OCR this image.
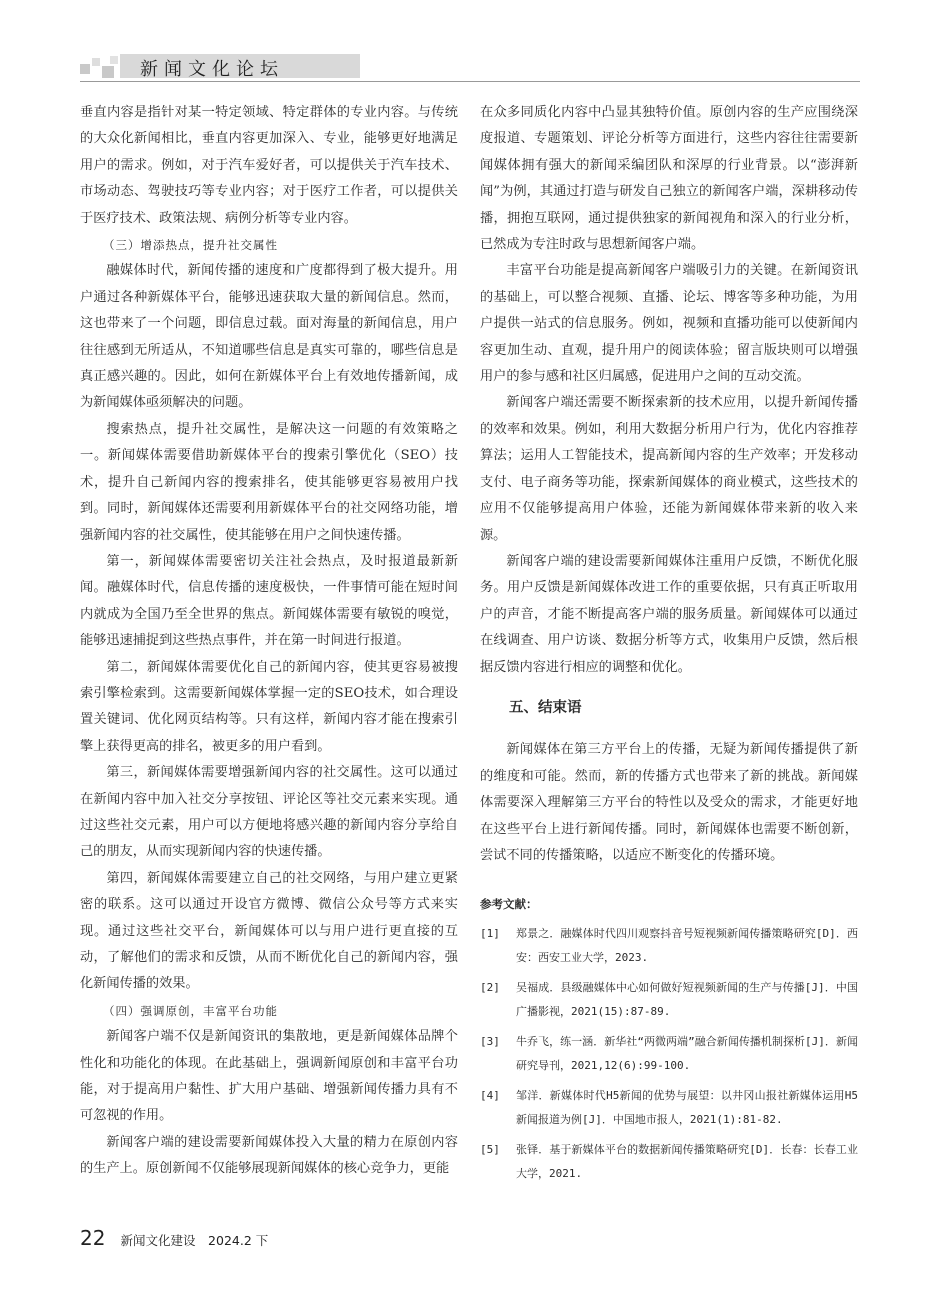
新闻文化论坛

垂直内容是指针对某一特定领域、特定群体的专业内容。与传统的大众化新闻相比，垂直内容更加深入、专业，能够更好地满足用户的需求。例如，对于汽车爱好者，可以提供关于汽车技术、市场动态、驾驶技巧等专业内容；对于医疗工作者，可以提供关于医疗技术、政策法规、病例分析等专业内容。

（三）增添热点，提升社交属性

融媒体时代，新闻传播的速度和广度都得到了极大提升。用户通过各种新媒体平台，能够迅速获取大量的新闻信息。然而，这也带来了一个问题，即信息过载。面对海量的新闻信息，用户往往感到无所适从，不知道哪些信息是真实可靠的，哪些信息是真正感兴趣的。因此，如何在新媒体平台上有效地传播新闻，成为新闻媒体亟须解决的问题。

搜索热点，提升社交属性，是解决这一问题的有效策略之一。新闻媒体需要借助新媒体平台的搜索引擎优化（SEO）技术，提升自己新闻内容的搜索排名，使其能够更容易被用户找到。同时，新闻媒体还需要利用新媒体平台的社交网络功能，增强新闻内容的社交属性，使其能够在用户之间快速传播。

第一，新闻媒体需要密切关注社会热点，及时报道最新新闻。融媒体时代，信息传播的速度极快，一件事情可能在短时间内就成为全国乃至全世界的焦点。新闻媒体需要有敏锐的嗅觉，能够迅速捕捉到这些热点事件，并在第一时间进行报道。

第二，新闻媒体需要优化自己的新闻内容，使其更容易被搜索引擎检索到。这需要新闻媒体掌握一定的SEO技术，如合理设置关键词、优化网页结构等。只有这样，新闻内容才能在搜索引擎上获得更高的排名，被更多的用户看到。

第三，新闻媒体需要增强新闻内容的社交属性。这可以通过在新闻内容中加入社交分享按钮、评论区等社交元素来实现。通过这些社交元素，用户可以方便地将感兴趣的新闻内容分享给自己的朋友，从而实现新闻内容的快速传播。

第四，新闻媒体需要建立自己的社交网络，与用户建立更紧密的联系。这可以通过开设官方微博、微信公众号等方式来实现。通过这些社交平台，新闻媒体可以与用户进行更直接的互动，了解他们的需求和反馈，从而不断优化自己的新闻内容，强化新闻传播的效果。

（四）强调原创，丰富平台功能

新闻客户端不仅是新闻资讯的集散地，更是新闻媒体品牌个性化和功能化的体现。在此基础上，强调新闻原创和丰富平台功能，对于提高用户黏性、扩大用户基础、增强新闻传播力具有不可忽视的作用。

新闻客户端的建设需要新闻媒体投入大量的精力在原创内容的生产上。原创新闻不仅能够展现新闻媒体的核心竞争力，更能

在众多同质化内容中凸显其独特价值。原创内容的生产应围绕深度报道、专题策划、评论分析等方面进行，这些内容往往需要新闻媒体拥有强大的新闻采编团队和深厚的行业背景。以“澎湃新闻”为例，其通过打造与研发自己独立的新闻客户端，深耕移动传播，拥抱互联网，通过提供独家的新闻视角和深入的行业分析，已然成为专注时政与思想新闻客户端。

丰富平台功能是提高新闻客户端吸引力的关键。在新闻资讯的基础上，可以整合视频、直播、论坛、博客等多种功能，为用户提供一站式的信息服务。例如，视频和直播功能可以使新闻内容更加生动、直观，提升用户的阅读体验；留言版块则可以增强用户的参与感和社区归属感，促进用户之间的互动交流。

新闻客户端还需要不断探索新的技术应用，以提升新闻传播的效率和效果。例如，利用大数据分析用户行为，优化内容推荐算法；运用人工智能技术，提高新闻内容的生产效率；开发移动支付、电子商务等功能，探索新闻媒体的商业模式，这些技术的应用不仅能够提高用户体验，还能为新闻媒体带来新的收入来源。

新闻客户端的建设需要新闻媒体注重用户反馈，不断优化服务。用户反馈是新闻媒体改进工作的重要依据，只有真正听取用户的声音，才能不断提高客户端的服务质量。新闻媒体可以通过在线调查、用户访谈、数据分析等方式，收集用户反馈，然后根据反馈内容进行相应的调整和优化。

五、结束语

新闻媒体在第三方平台上的传播，无疑为新闻传播提供了新的维度和可能。然而，新的传播方式也带来了新的挑战。新闻媒体需要深入理解第三方平台的特性以及受众的需求，才能更好地在这些平台上进行新闻传播。同时，新闻媒体也需要不断创新，尝试不同的传播策略，以适应不断变化的传播环境。

参考文献：
[1] 郑景之．融媒体时代四川观察抖音号短视频新闻传播策略研究[D]．西安：西安工业大学，2023.
[2] 吴福成．县级融媒体中心如何做好短视频新闻的生产与传播[J]．中国广播影视，2021(15):87-89.
[3] 牛乔飞，练一涵．新华社“两微两端”融合新闻传播机制探析[J]．新闻研究导刊，2021,12(6):99-100.
[4] 邹洋．新媒体时代H5新闻的优势与展望：以井冈山报社新媒体运用H5新闻报道为例[J]．中国地市报人，2021(1):81-82.
[5] 张铎．基于新媒体平台的数据新闻传播策略研究[D]．长春：长春工业大学，2021.
22 新闻文化建设　2024.2 下
